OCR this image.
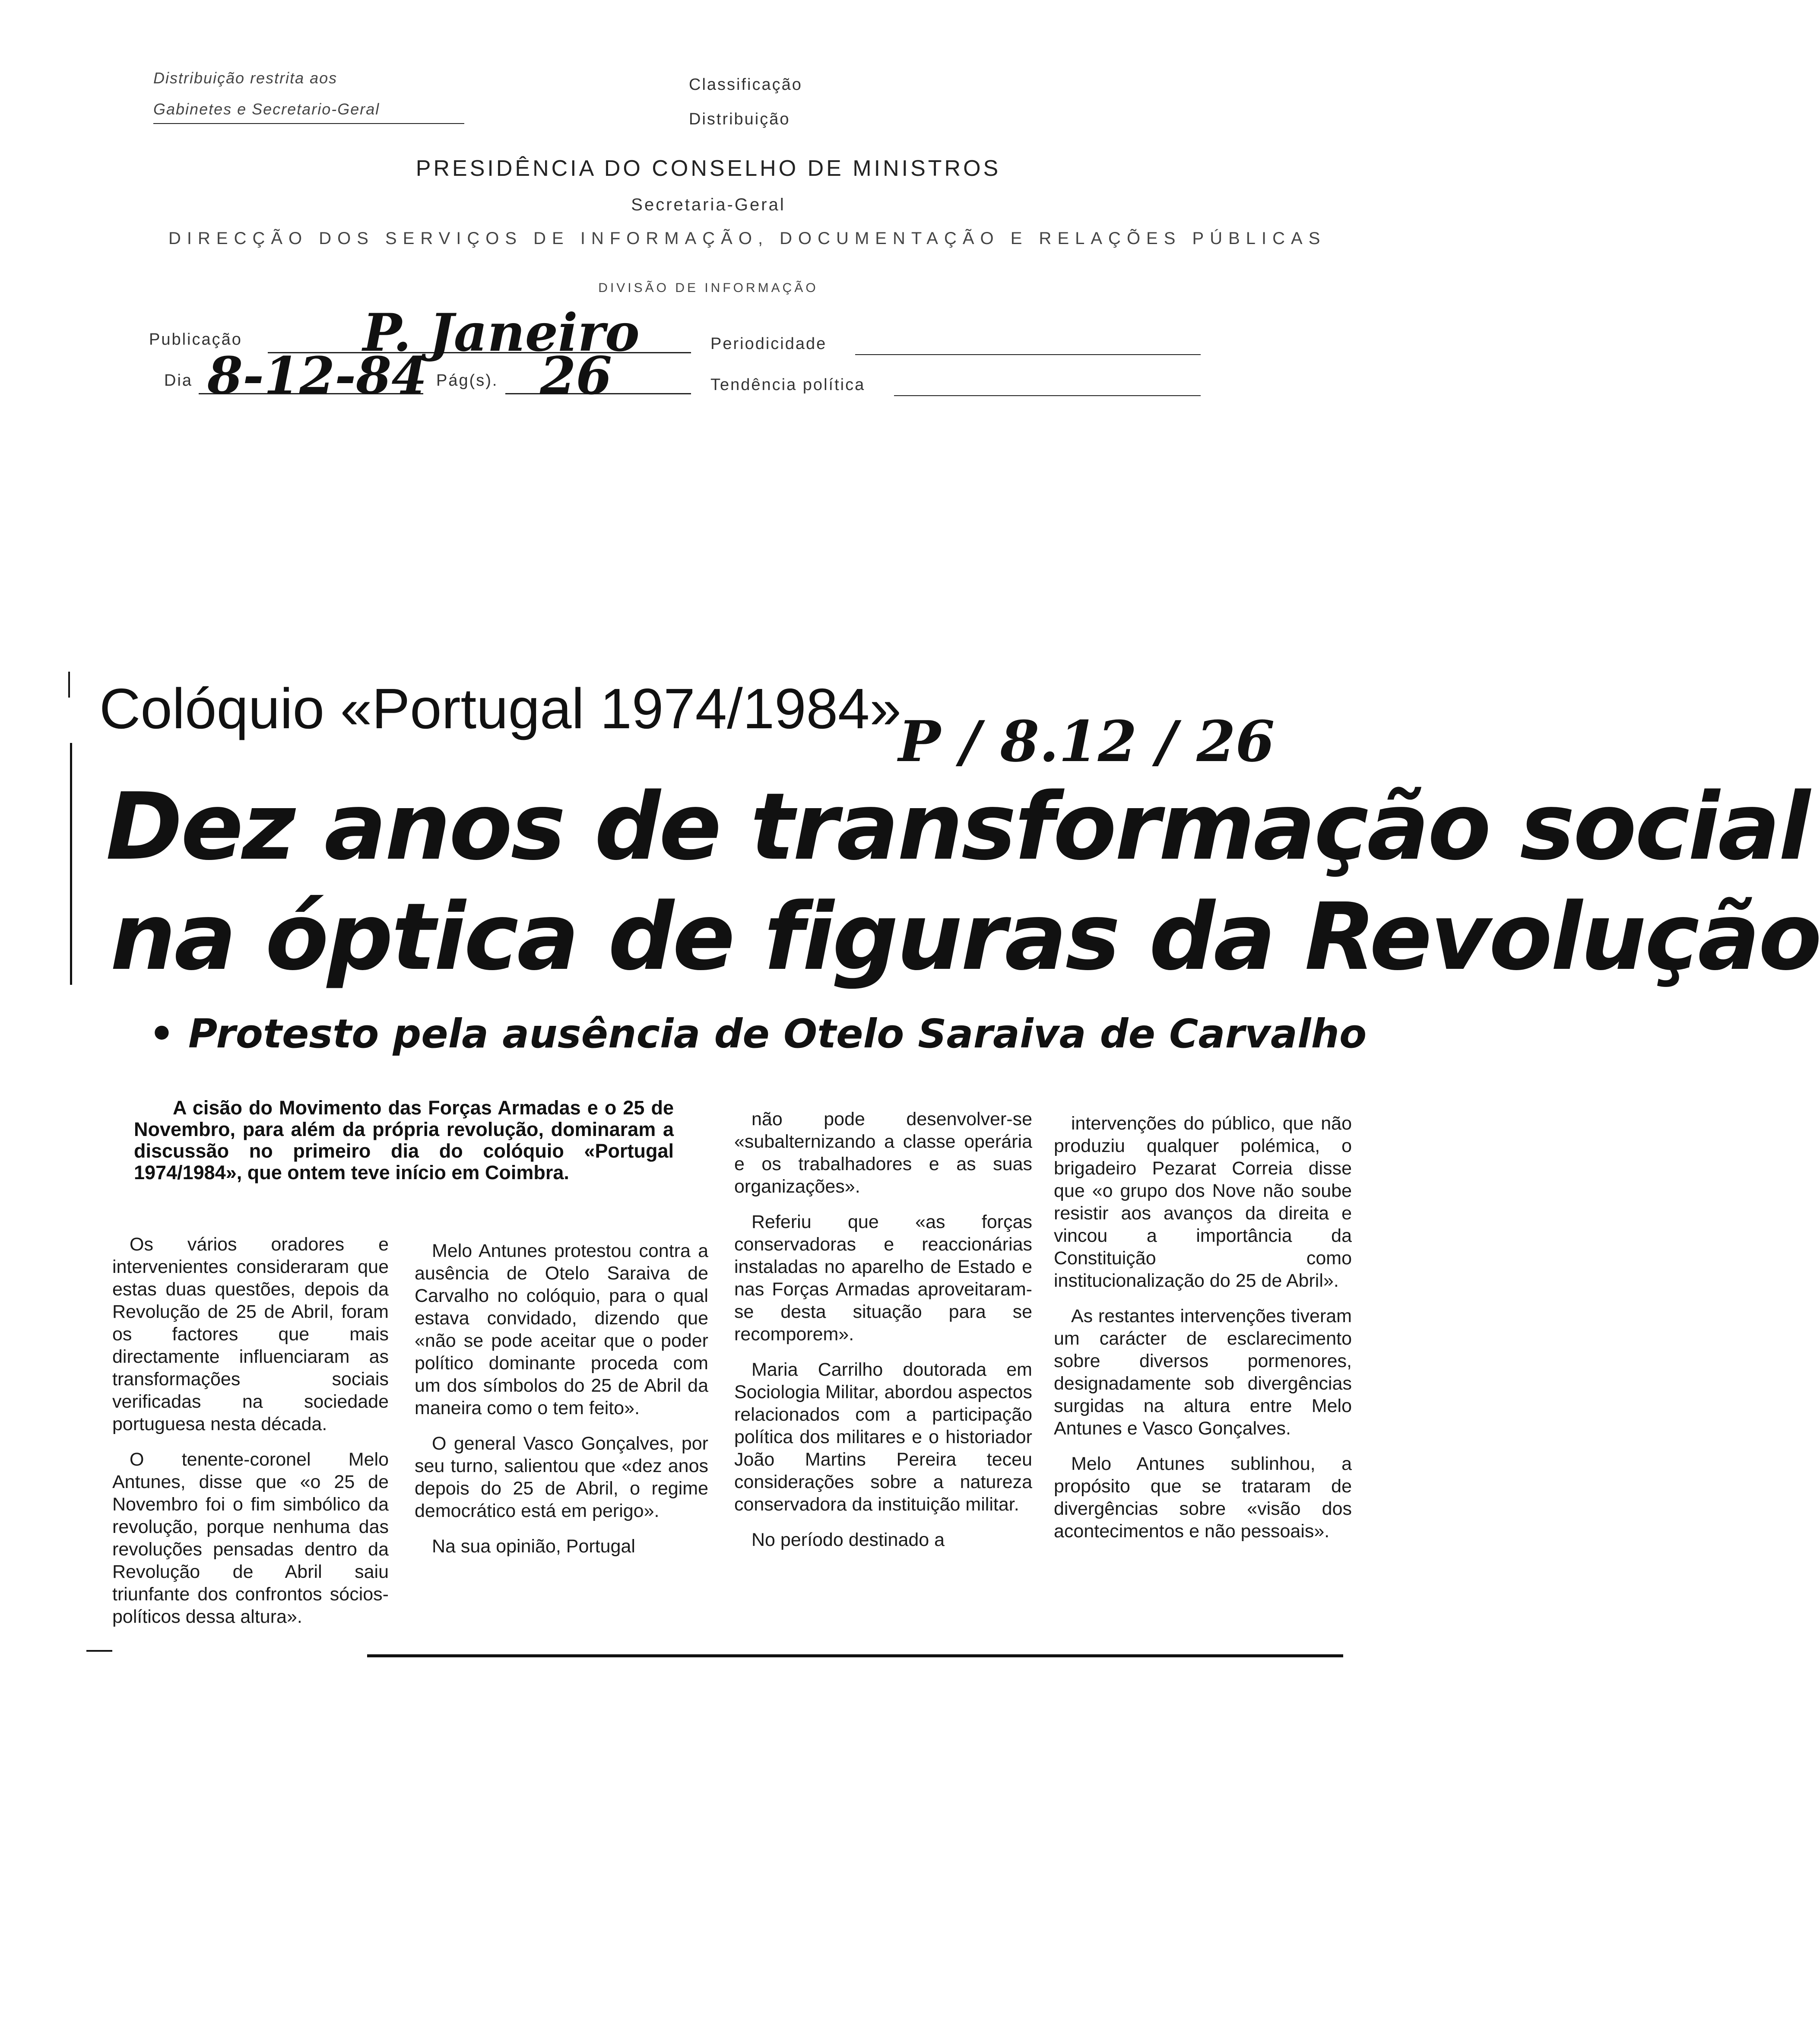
Distribuição restrita aos
Gabinetes e Secretario-Geral
Classificação
Distribuição
PRESIDÊNCIA DO CONSELHO DE MINISTROS
Secretaria-Geral
DIRECÇÃO DOS SERVIÇOS DE INFORMAÇÃO, DOCUMENTAÇÃO E RELAÇÕES PÚBLICAS
DIVISÃO DE INFORMAÇÃO
Publicação P. Janeiro	Periodicidade
Dia 8-12-84 Pág(s). 26	Tendência política
Colóquio «Portugal 1974/1984»
P / 8.12 / 26
Dez anos de transformação social
na óptica de figuras da Revolução
• Protesto pela ausência de Otelo Saraiva de Carvalho
A cisão do Movimento das Forças Armadas e o 25 de Novembro, para além da própria revolução, dominaram a discussão no primeiro dia do colóquio «Portugal 1974/1984», que ontem teve início em Coimbra.

Os vários oradores e intervenientes consideraram que estas duas questões, depois da Revolução de 25 de Abril, foram os factores que mais directamente influenciaram as transformações sociais verificadas na sociedade portuguesa nesta década.

O tenente-coronel Melo Antunes, disse que «o 25 de Novembro foi o fim simbólico da revolução, porque nenhuma das revoluções pensadas dentro da Revolução de Abril saiu triunfante dos confrontos sócios-políticos dessa altura».

Melo Antunes protestou contra a ausência de Otelo Saraiva de Carvalho no colóquio, para o qual estava convidado, dizendo que «não se pode aceitar que o poder político dominante proceda com um dos símbolos do 25 de Abril da maneira como o tem feito».

O general Vasco Gonçalves, por seu turno, salientou que «dez anos depois do 25 de Abril, o regime democrático está em perigo».

Na sua opinião, Portugal

não pode desenvolver-se «subalternizando a classe operária e os trabalhadores e as suas organizações».

Referiu que «as forças conservadoras e reaccionárias instaladas no aparelho de Estado e nas Forças Armadas aproveitaram-se desta situação para se recomporem».

Maria Carrilho doutorada em Sociologia Militar, abordou aspectos relacionados com a participação política dos militares e o historiador João Martins Pereira teceu considerações sobre a natureza conservadora da instituição militar.

No período destinado a

intervenções do público, que não produziu qualquer polémica, o brigadeiro Pezarat Correia disse que «o grupo dos Nove não soube resistir aos avanços da direita e vincou a importância da Constituição como institucionalização do 25 de Abril».

As restantes intervenções tiveram um carácter de esclarecimento sobre diversos pormenores, designadamente sob divergências surgidas na altura entre Melo Antunes e Vasco Gonçalves.

Melo Antunes sublinhou, a propósito que se trataram de divergências sobre «visão dos acontecimentos e não pessoais».
